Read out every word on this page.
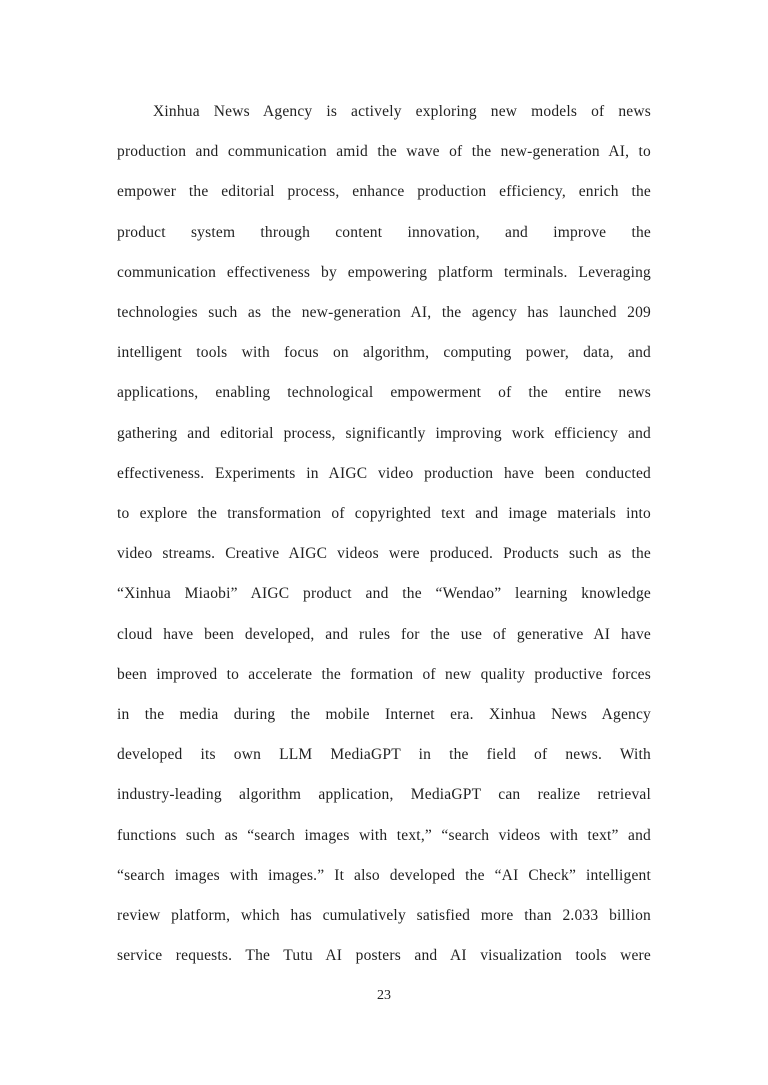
Xinhua News Agency is actively exploring new models of news
production and communication amid the wave of the new-generation AI, to
empower the editorial process, enhance production efficiency, enrich the
product system through content innovation, and improve the
communication effectiveness by empowering platform terminals. Leveraging
technologies such as the new-generation AI, the agency has launched 209
intelligent tools with focus on algorithm, computing power, data, and
applications, enabling technological empowerment of the entire news
gathering and editorial process, significantly improving work efficiency and
effectiveness. Experiments in AIGC video production have been conducted
to explore the transformation of copyrighted text and image materials into
video streams. Creative AIGC videos were produced. Products such as the
“Xinhua Miaobi” AIGC product and the “Wendao” learning knowledge
cloud have been developed, and rules for the use of generative AI have
been improved to accelerate the formation of new quality productive forces
in the media during the mobile Internet era. Xinhua News Agency
developed its own LLM MediaGPT in the field of news. With
industry-leading algorithm application, MediaGPT can realize retrieval
functions such as “search images with text,” “search videos with text” and
“search images with images.” It also developed the “AI Check” intelligent
review platform, which has cumulatively satisfied more than 2.033 billion
service requests. The Tutu AI posters and AI visualization tools were
23
